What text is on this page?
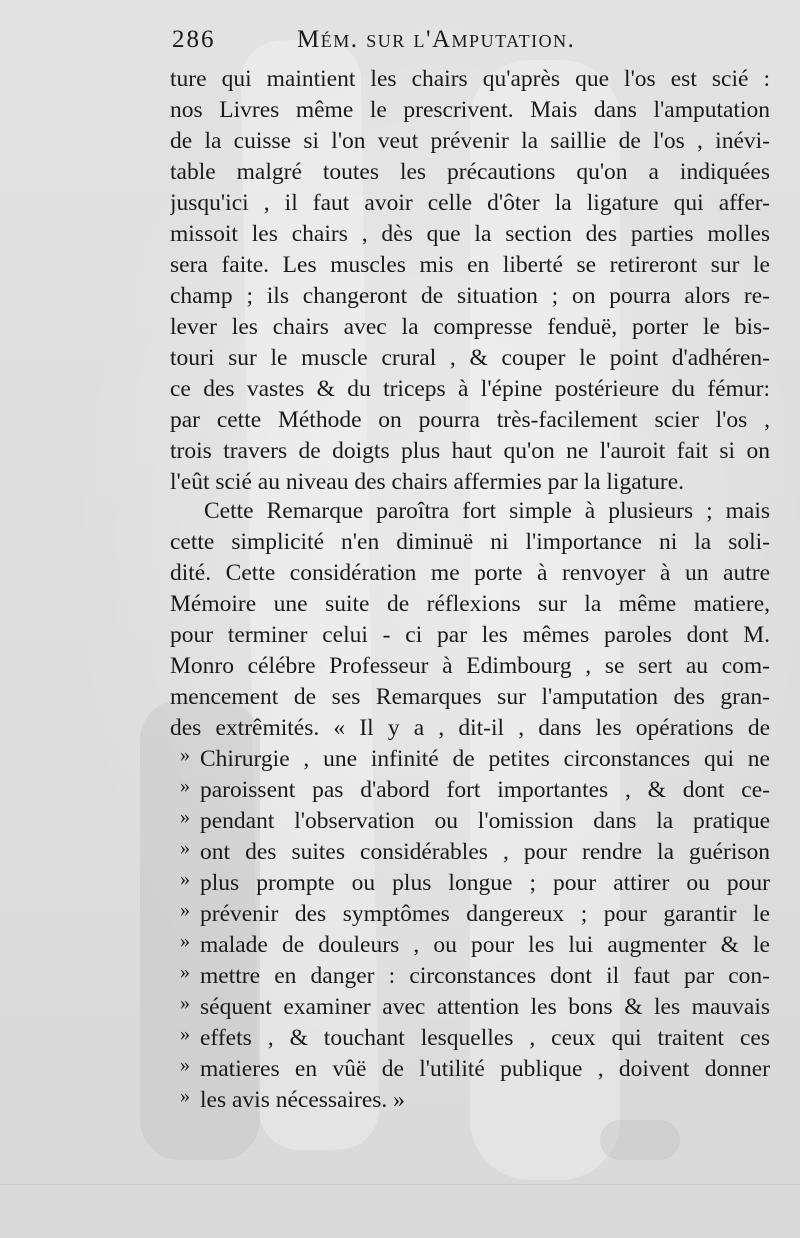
286	Mém. sur l'Amputation.
ture qui maintient les chairs qu'après que l'os est scié :
nos Livres même le prescrivent. Mais dans l'amputation
de la cuisse si l'on veut prévenir la saillie de l'os , inévi-
table malgré toutes les précautions qu'on a indiquées
jusqu'ici , il faut avoir celle d'ôter la ligature qui affer-
missoit les chairs , dès que la section des parties molles
sera faite. Les muscles mis en liberté se retireront sur le
champ ; ils changeront de situation ; on pourra alors re-
lever les chairs avec la compresse fenduë, porter le bis-
touri sur le muscle crural , & couper le point d'adhéren-
ce des vastes & du triceps à l'épine postérieure du fémur:
par cette Méthode on pourra très-facilement scier l'os ,
trois travers de doigts plus haut qu'on ne l'auroit fait si on
l'eût scié au niveau des chairs affermies par la ligature.
Cette Remarque paroîtra fort simple à plusieurs ; mais
cette simplicité n'en diminuë ni l'importance ni la soli-
dité. Cette considération me porte à renvoyer à un autre
Mémoire une suite de réflexions sur la même matiere,
pour terminer celui - ci par les mêmes paroles dont M.
Monro célébre Professeur à Edimbourg , se sert au com-
mencement de ses Remarques sur l'amputation des gran-
des extrêmités. « Il y a , dit-il , dans les opérations de
» Chirurgie , une infinité de petites circonstances qui ne
» paroissent pas d'abord fort importantes , & dont ce-
» pendant l'observation ou l'omission dans la pratique
» ont des suites considérables , pour rendre la guérison
» plus prompte ou plus longue ; pour attirer ou pour
» prévenir des symptômes dangereux ; pour garantir le
» malade de douleurs , ou pour les lui augmenter & le
» mettre en danger : circonstances dont il faut par con-
» séquent examiner avec attention les bons & les mauvais
» effets , & touchant lesquelles , ceux qui traitent ces
» matieres en vûë de l'utilité publique , doivent donner
» les avis nécessaires. »
